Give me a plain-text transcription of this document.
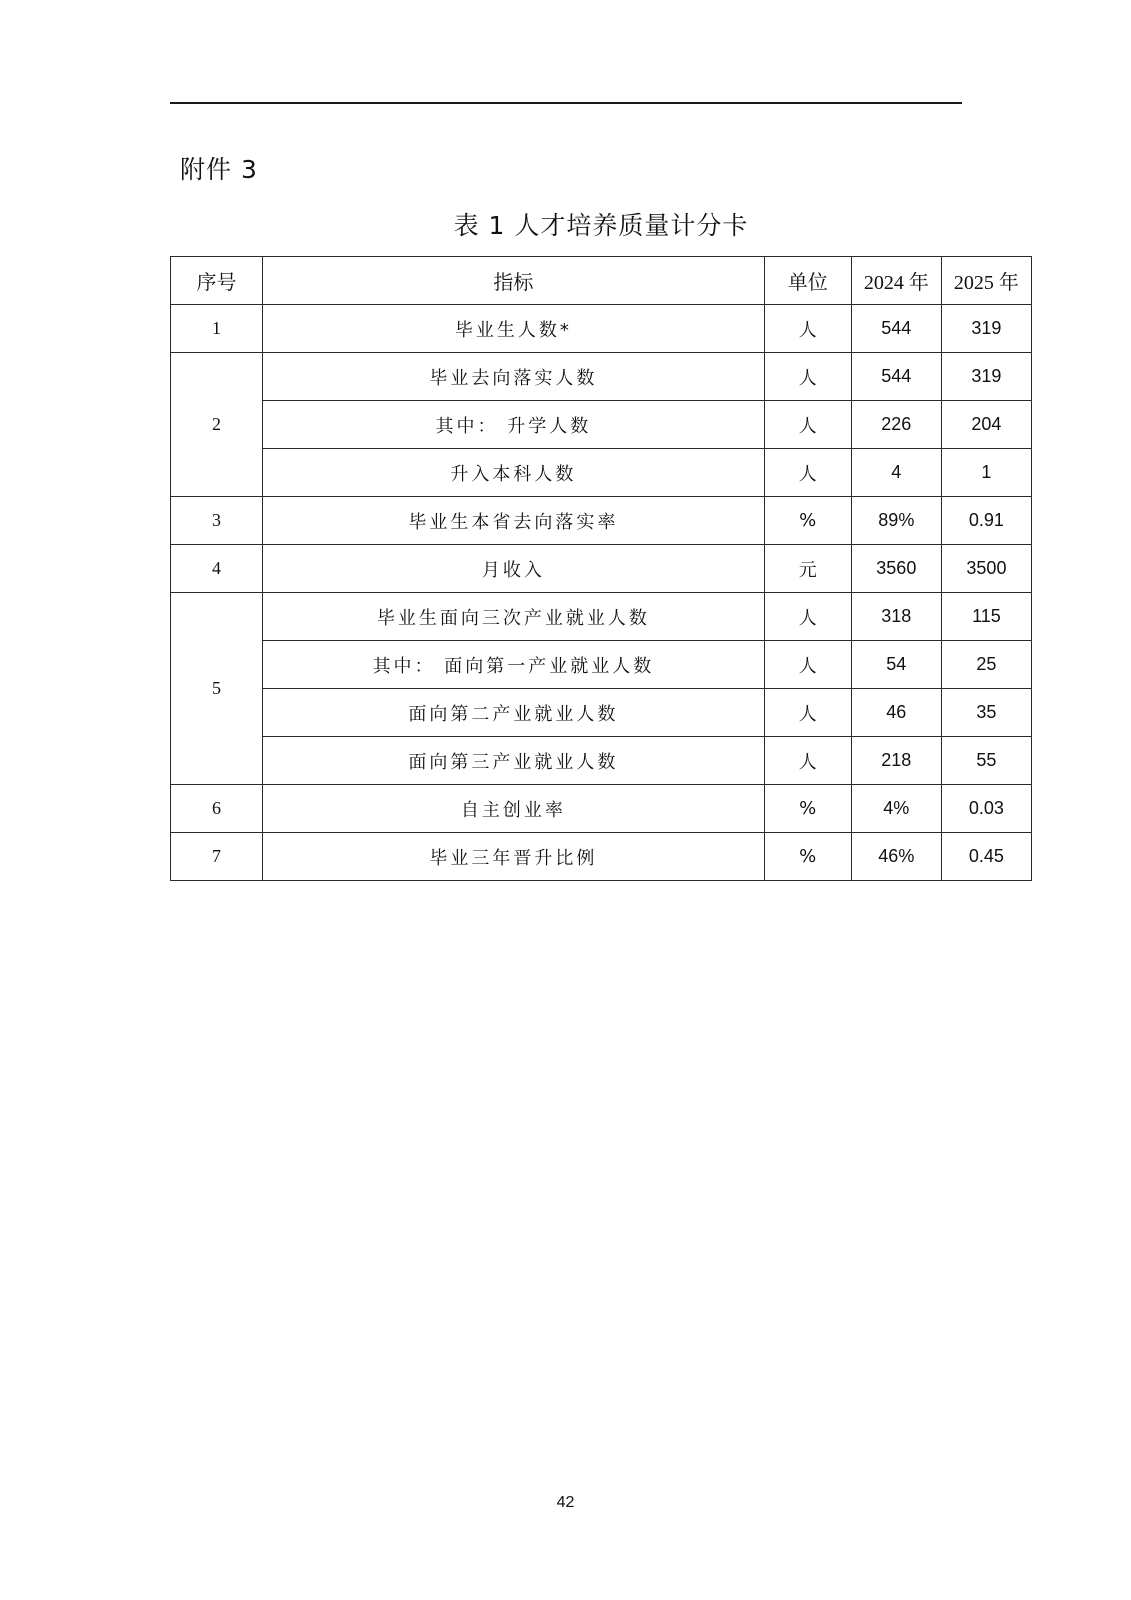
附件 3
表 1 人才培养质量计分卡
序号	指标	单位	2024 年	2025 年
1	毕业生人数*	人	544	319
2	毕业去向落实人数	人	544	319
	其中： 升学人数	人	226	204
	升入本科人数	人	4	1
3	毕业生本省去向落实率	%	89%	0.91
4	月收入	元	3560	3500
5	毕业生面向三次产业就业人数	人	318	115
	其中： 面向第一产业就业人数	人	54	25
	面向第二产业就业人数	人	46	35
	面向第三产业就业人数	人	218	55
6	自主创业率	%	4%	0.03
7	毕业三年晋升比例	%	46%	0.45
42
